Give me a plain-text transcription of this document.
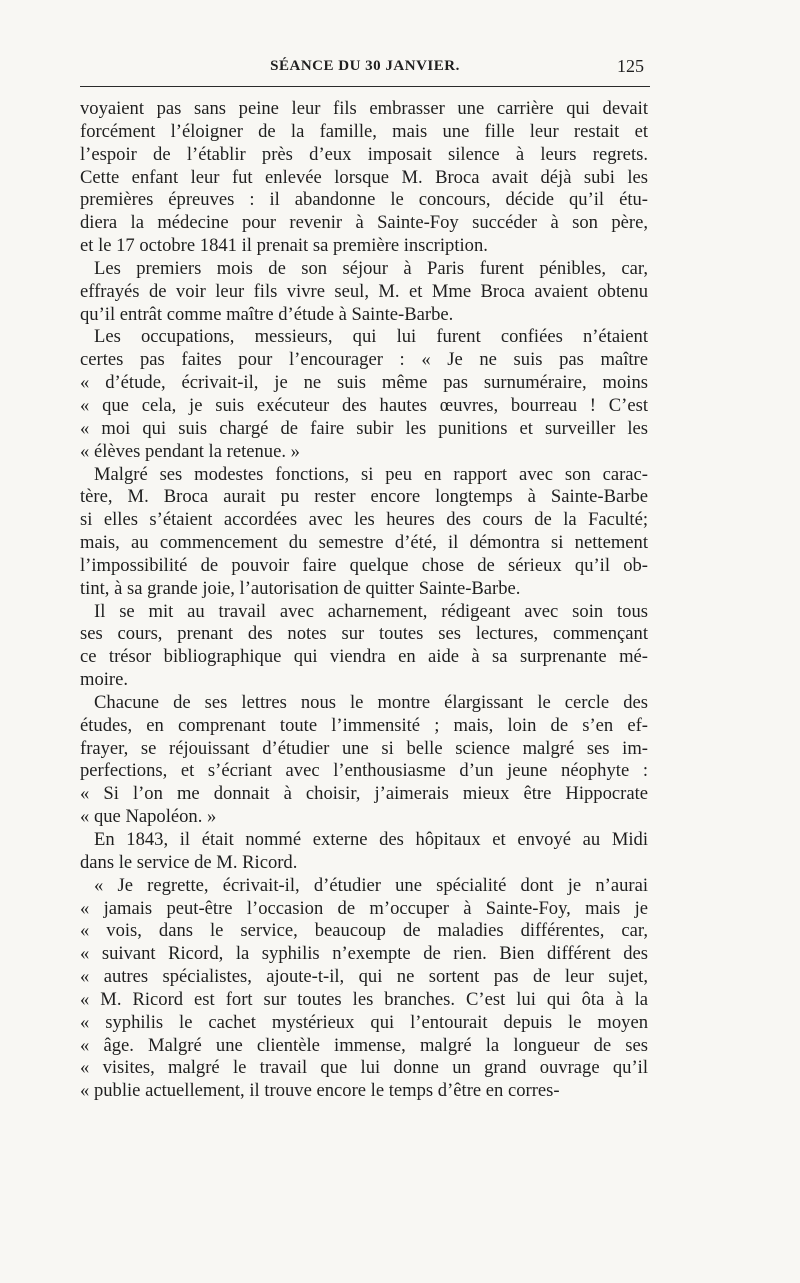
SÉANCE DU 30 JANVIER.	125

voyaient pas sans peine leur fils embrasser une carrière qui devait
forcément l’éloigner de la famille, mais une fille leur restait et
l’espoir de l’établir près d’eux imposait silence à leurs regrets.
Cette enfant leur fut enlevée lorsque M. Broca avait déjà subi les
premières épreuves : il abandonne le concours, décide qu’il étu-
diera la médecine pour revenir à Sainte-Foy succéder à son père,
et le 17 octobre 1841 il prenait sa première inscription.

Les premiers mois de son séjour à Paris furent pénibles, car,
effrayés de voir leur fils vivre seul, M. et Mme Broca avaient obtenu
qu’il entrât comme maître d’étude à Sainte-Barbe.

Les occupations, messieurs, qui lui furent confiées n’étaient
certes pas faites pour l’encourager : « Je ne suis pas maître
« d’étude, écrivait-il, je ne suis même pas surnuméraire, moins
« que cela, je suis exécuteur des hautes œuvres, bourreau ! C’est
« moi qui suis chargé de faire subir les punitions et surveiller les
« élèves pendant la retenue. »

Malgré ses modestes fonctions, si peu en rapport avec son carac-
tère, M. Broca aurait pu rester encore longtemps à Sainte-Barbe
si elles s’étaient accordées avec les heures des cours de la Faculté;
mais, au commencement du semestre d’été, il démontra si nettement
l’impossibilité de pouvoir faire quelque chose de sérieux qu’il ob-
tint, à sa grande joie, l’autorisation de quitter Sainte-Barbe.

Il se mit au travail avec acharnement, rédigeant avec soin tous
ses cours, prenant des notes sur toutes ses lectures, commençant
ce trésor bibliographique qui viendra en aide à sa surprenante mé-
moire.

Chacune de ses lettres nous le montre élargissant le cercle des
études, en comprenant toute l’immensité ; mais, loin de s’en ef-
frayer, se réjouissant d’étudier une si belle science malgré ses im-
perfections, et s’écriant avec l’enthousiasme d’un jeune néophyte :
« Si l’on me donnait à choisir, j’aimerais mieux être Hippocrate
« que Napoléon. »

En 1843, il était nommé externe des hôpitaux et envoyé au Midi
dans le service de M. Ricord.

« Je regrette, écrivait-il, d’étudier une spécialité dont je n’aurai
« jamais peut-être l’occasion de m’occuper à Sainte-Foy, mais je
« vois, dans le service, beaucoup de maladies différentes, car,
« suivant Ricord, la syphilis n’exempte de rien. Bien différent des
« autres spécialistes, ajoute-t-il, qui ne sortent pas de leur sujet,
« M. Ricord est fort sur toutes les branches. C’est lui qui ôta à la
« syphilis le cachet mystérieux qui l’entourait depuis le moyen
« âge. Malgré une clientèle immense, malgré la longueur de ses
« visites, malgré le travail que lui donne un grand ouvrage qu’il
« publie actuellement, il trouve encore le temps d’être en corres-
